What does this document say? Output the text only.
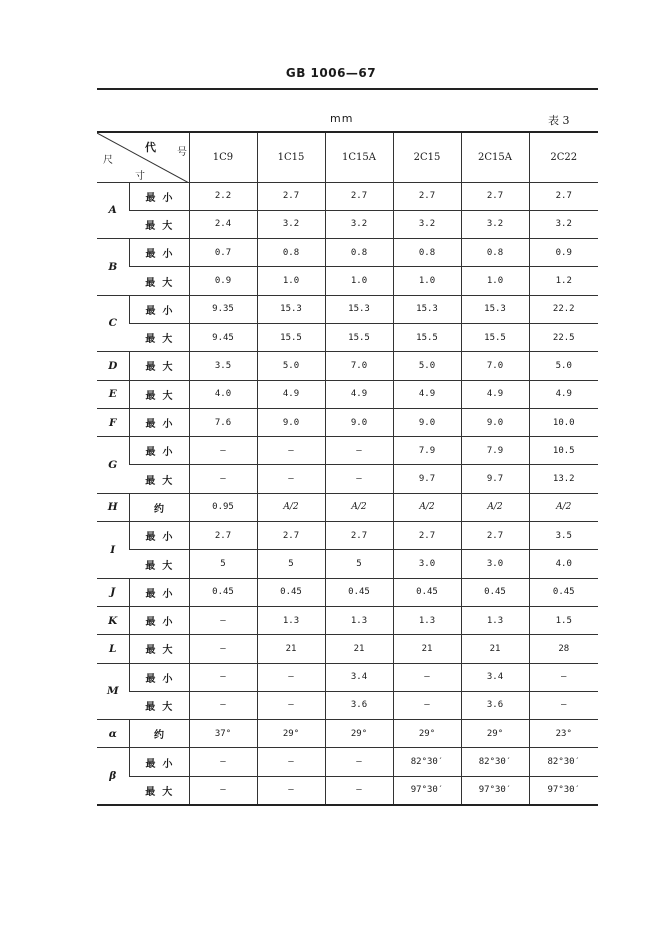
GB 1006—67
mm	表 3
代 号
尺
寸		1C9	1C15	1C15A	2C15	2C15A	2C22
A	最  小	2.2	2.7	2.7	2.7	2.7	2.7
	最  大	2.4	3.2	3.2	3.2	3.2	3.2
B	最  小	0.7	0.8	0.8	0.8	0.8	0.9
	最  大	0.9	1.0	1.0	1.0	1.0	1.2
C	最  小	9.35	15.3	15.3	15.3	15.3	22.2
	最  大	9.45	15.5	15.5	15.5	15.5	22.5
D	最  大	3.5	5.0	7.0	5.0	7.0	5.0
E	最  大	4.0	4.9	4.9	4.9	4.9	4.9
F	最  小	7.6	9.0	9.0	9.0	9.0	10.0
G	最  小	—	—	—	7.9	7.9	10.5
	最  大	—	—	—	9.7	9.7	13.2
H	约	0.95	A/2	A/2	A/2	A/2	A/2
I	最  小	2.7	2.7	2.7	2.7	2.7	3.5
	最  大	5	5	5	3.0	3.0	4.0
J	最  小	0.45	0.45	0.45	0.45	0.45	0.45
K	最  小	—	1.3	1.3	1.3	1.3	1.5
L	最  大	—	21	21	21	21	28
M	最  小	—	—	3.4	—	3.4	—
	最  大	—	—	3.6	—	3.6	—
α	约	37°	29°	29°	29°	29°	23°
β	最  小	—	—	—	82°30′	82°30′	82°30′
	最  大	—	—	—	97°30′	97°30′	97°30′
